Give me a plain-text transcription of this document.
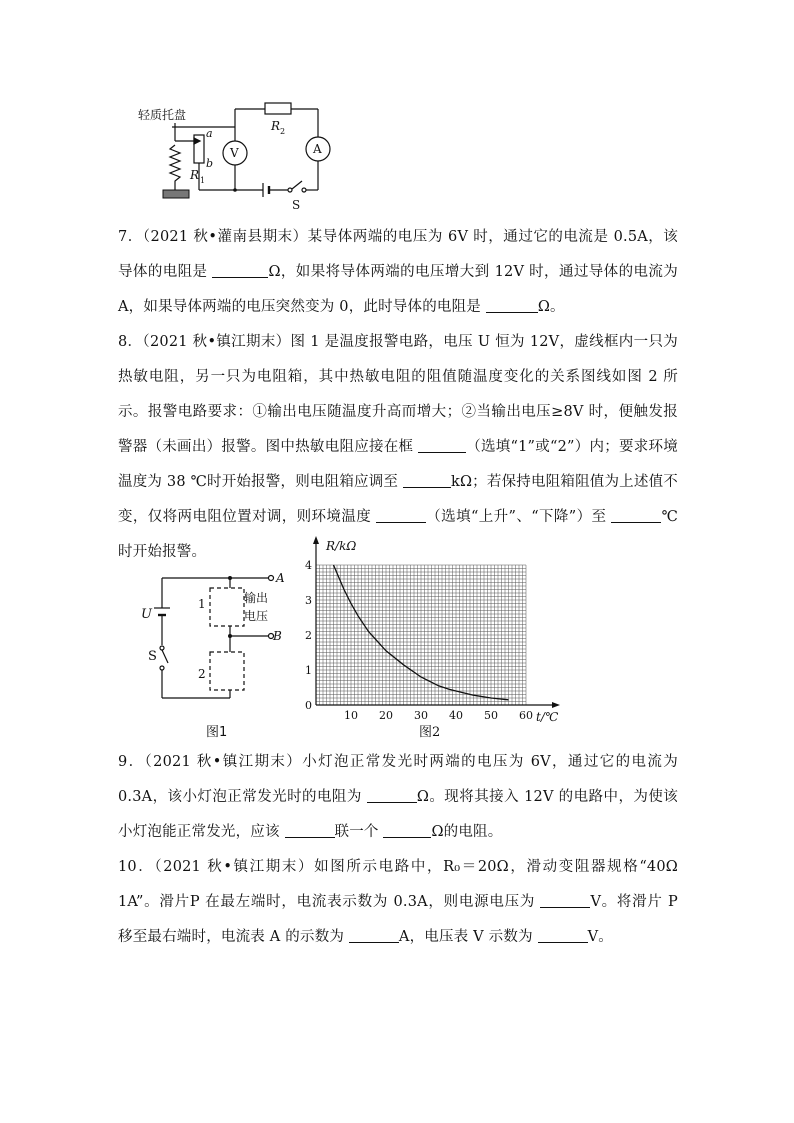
轻质托盘
a
b
R 1
R 2
V	A
S
7．（2021 秋•灌南县期末）某导体两端的电压为 6V 时，通过它的电流是 0.5A，该导体的电阻是	Ω，如果将导体两端的电压增大到 12V 时，通过导体的电流为 A，如果导体两端的电压突然变为 0，此时导体的电阻是	Ω。
8．（2021 秋•镇江期末）图 1 是温度报警电路，电压 U 恒为 12V，虚线框内一只为热敏电阻，另一只为电阻箱，其中热敏电阻的阻值随温度变化的关系图线如图 2 所示。报警电路要求：①输出电压随温度升高而增大；②当输出电压≥8V 时，便触发报警器（未画出）报警。图中热敏电阻应接在框	（选填“1”或“2”）内；要求环境温度为 38 ℃时开始报警，则电阻箱应调至	kΩ；若保持电阻箱阻值为上述值不变，仅将两电阻位置对调，则环境温度	（选填“上升”、“下降”）至	℃时开始报警。
U
S
1
2
A
B
输出
电压
图1
10 20 30 40 50 60
1
2
3
4
0
R/kΩ
t/℃
图2
9．（2021 秋•镇江期末）小灯泡正常发光时两端的电压为 6V，通过它的电流为 0.3A，该小灯泡正常发光时的电阻为	Ω。现将其接入 12V 的电路中，为使该小灯泡能正常发光，应该	联一个	Ω的电阻。
10．（2021 秋•镇江期末）如图所示电路中，R₀＝20Ω，滑动变阻器规格“40Ω 1A”。滑片P 在最左端时，电流表示数为 0.3A，则电源电压为	V。将滑片 P 移至最右端时，电流表 A 的示数为	A，电压表 V 示数为	V。
